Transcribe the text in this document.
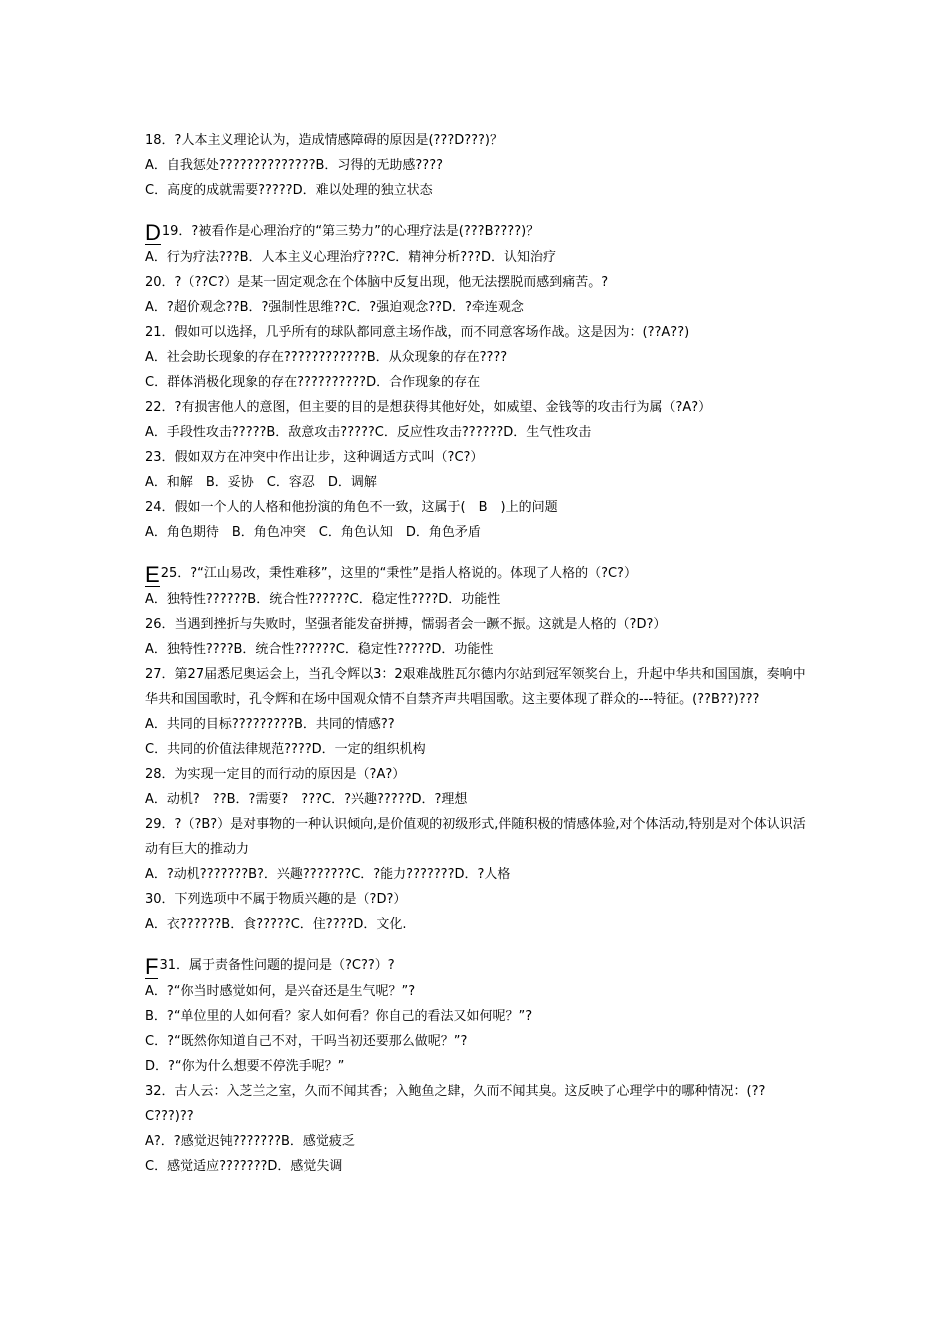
18．?人本主义理论认为，造成情感障碍的原因是(???D???)？
A．自我惩处??????????????B．习得的无助感????
C．高度的成就需要?????D．难以处理的独立状态
D 19．?被看作是心理治疗的“第三势力”的心理疗法是(???B????)？
A．行为疗法???B．人本主义心理治疗???C．精神分析???D．认知治疗
20．?（??C?）是某一固定观念在个体脑中反复出现，他无法摆脱而感到痛苦。?
A．?超价观念??B．?强制性思维??C．?强迫观念??D．?牵连观念
21．假如可以选择，几乎所有的球队都同意主场作战，而不同意客场作战。这是因为：(??A??)
A．社会助长现象的存在????????????B．从众现象的存在????
C．群体消极化现象的存在??????????D．合作现象的存在
22．?有损害他人的意图，但主要的目的是想获得其他好处，如威望、金钱等的攻击行为属（?A?）
A．手段性攻击?????B．敌意攻击?????C．反应性攻击??????D．生气性攻击
23．假如双方在冲突中作出让步，这种调适方式叫（?C?）
A．和解　B．妥协　C．容忍　D．调解
24．假如一个人的人格和他扮演的角色不一致，这属于(　B　)上的问题
A．角色期待　B．角色冲突　C．角色认知　D．角色矛盾
E 25．?“江山易改，秉性难移”，这里的“秉性”是指人格说的。体现了人格的（?C?）
A．独特性??????B．统合性??????C．稳定性????D．功能性
26．当遇到挫折与失败时，坚强者能发奋拼搏，懦弱者会一蹶不振。这就是人格的（?D?）
A．独特性????B．统合性??????C．稳定性?????D．功能性
27．第27届悉尼奥运会上，当孔令辉以3：2艰难战胜瓦尔德内尔站到冠军领奖台上，升起中华共和国国旗，奏响中华共和国国歌时，孔令辉和在场中国观众情不自禁齐声共唱国歌。这主要体现了群众的---特征。(??B??)???
A．共同的目标?????????B．共同的情感??
C．共同的价值法律规范????D．一定的组织机构
28．为实现一定目的而行动的原因是（?A?）
A．动机?　??B．?需要?　???C．?兴趣?????D．?理想
29．?（?B?）是对事物的一种认识倾向,是价值观的初级形式,伴随积极的情感体验,对个体活动,特别是对个体认识活动有巨大的推动力
A．?动机???????B?．兴趣???????C．?能力???????D．?人格
30．下列选项中不属于物质兴趣的是（?D?）
A．衣??????B．食?????C．住????D．文化.
F 31．属于责备性问题的提问是（?C??）?
A．?“你当时感觉如何，是兴奋还是生气呢？”?
B．?“单位里的人如何看？家人如何看？你自己的看法又如何呢？”?
C．?“既然你知道自己不对，干吗当初还要那么做呢？”?
D．?“你为什么想要不停洗手呢？”
32．古人云：入芝兰之室，久而不闻其香；入鲍鱼之肆，久而不闻其臭。这反映了心理学中的哪种情况：(??C???)??
A?．?感觉迟钝???????B．感觉疲乏
C．感觉适应???????D．感觉失调
